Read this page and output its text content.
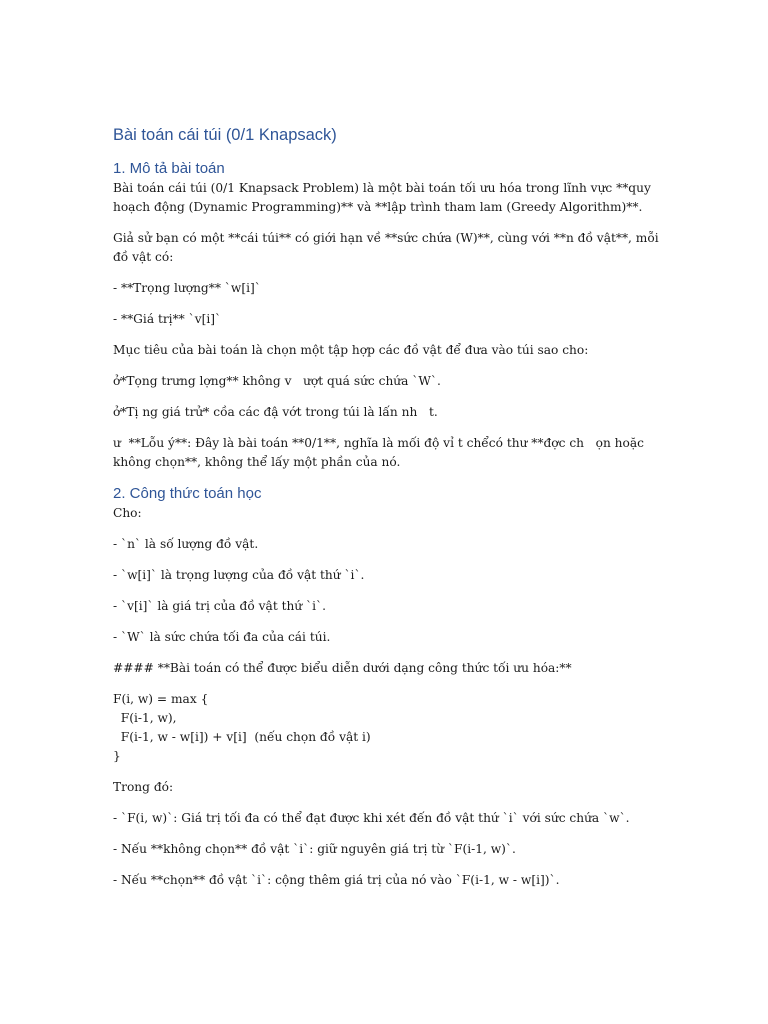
Bài toán cái túi (0/1 Knapsack)
1. Mô tả bài toán

Bài toán cái túi (0/1 Knapsack Problem) là một bài toán tối ưu hóa trong lĩnh vực **quy hoạch động (Dynamic Programming)** và **lập trình tham lam (Greedy Algorithm)**.

Giả sử bạn có một **cái túi** có giới hạn về **sức chứa (W)**, cùng với **n đồ vật**, mỗi đồ vật có:

- **Trọng lượng** `w[i]`

- **Giá trị** `v[i]`

Mục tiêu của bài toán là chọn một tập hợp các đồ vật để đưa vào túi sao cho:

ở*Tọng trưng lợng** không v   ượt quá sức chứa `W`.

ở*Tị ng giá trử* cồa các đậ vớt trong túi là lấn nh   t.

ư  **Lỗu ý**: Đây là bài toán **0/1**, nghĩa là mối độ vỉ t chểcó thư **đợc ch   ọn hoặc không chọn**, không thể lấy một phần của nó.

2. Công thức toán học

Cho:

- `n` là số lượng đồ vật.

- `w[i]` là trọng lượng của đồ vật thứ `i`.

- `v[i]` là giá trị của đồ vật thứ `i`.

- `W` là sức chứa tối đa của cái túi.

#### **Bài toán có thể được biểu diễn dưới dạng công thức tối ưu hóa:**

F(i, w) = max {
F(i-1, w),
F(i-1, w - w[i]) + v[i]  (nếu chọn đồ vật i)
}

Trong đó:

- `F(i, w)`: Giá trị tối đa có thể đạt được khi xét đến đồ vật thứ `i` với sức chứa `w`.

- Nếu **không chọn** đồ vật `i`: giữ nguyên giá trị từ `F(i-1, w)`.

- Nếu **chọn** đồ vật `i`: cộng thêm giá trị của nó vào `F(i-1, w - w[i])`.
